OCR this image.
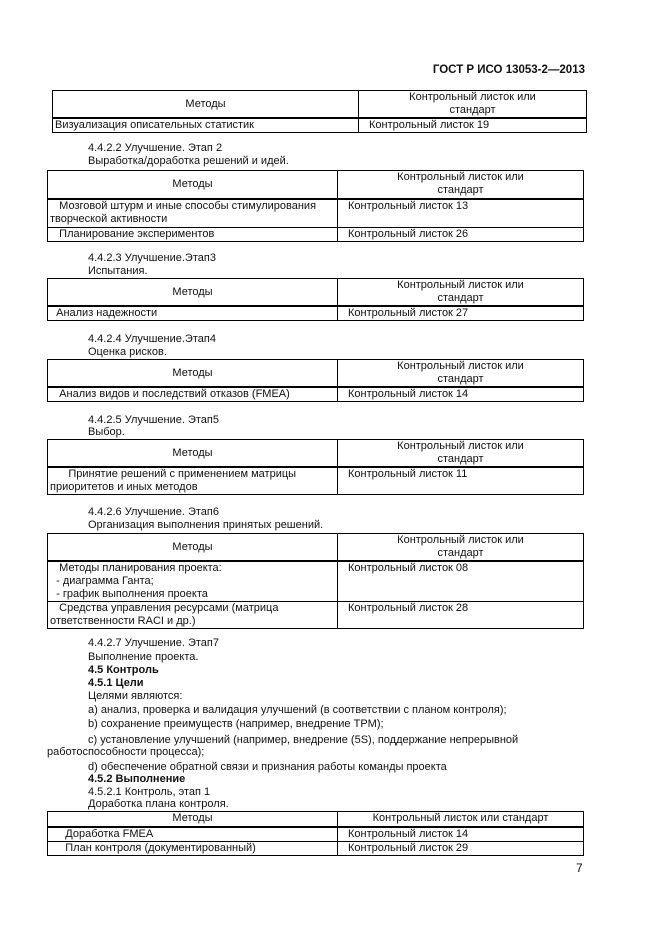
ГОСТ Р ИСО 13053-2—2013
4.4.2.2 Улучшение. Этап 2
Выработка/доработка решений и идей.
4.4.2.3 Улучшение.Этап3
Испытания.
4.4.2.4 Улучшение.Этап4
Оценка рисков.
4.4.2.5 Улучшение. Этап5
Выбор.
4.4.2.6 Улучшение. Этап6
Организация выполнения принятых решений.
4.4.2.7 Улучшение. Этап7
Выполнение проекта.
4.5 Контроль
4.5.1 Цели
Целями являются:
a) анализ, проверка и валидация улучшений (в соответствии с планом контроля);
b) сохранение преимуществ (например, внедрение TPM);
c) установление улучшений (например, внедрение (5S), поддержание непрерывной
работоспособности процесса);
d) обеспечение обратной связи и признания работы команды проекта
4.5.2 Выполнение
4.5.2.1 Контроль, этап 1
Доработка плана контроля.
7
Методы	Контрольный листок или
стандарт
Визуализация описательных статистик	Контрольный листок 19
Методы	Контрольный листок или
стандарт
Мозговой штурм и иные способы стимулирования
творческой активности	Контрольный листок 13
Планирование экспериментов	Контрольный листок 26
Методы	Контрольный листок или
стандарт
Анализ надежности	Контрольный листок 27
Методы	Контрольный листок или
стандарт
Анализ видов и последствий отказов (FMEA)	Контрольный листок 14
Методы	Контрольный листок или
стандарт
Принятие решений с применением матрицы
приоритетов и иных методов	Контрольный листок 11
Методы	Контрольный листок или
стандарт
Методы планирования проекта:
- диаграмма Ганта;
- график выполнения проекта	Контрольный листок 08
Средства управления ресурсами (матрица
ответственности RACI и др.)	Контрольный листок 28
Методы	Контрольный листок или стандарт
Доработка FMEA	Контрольный листок 14
План контроля (документированный)	Контрольный листок 29
